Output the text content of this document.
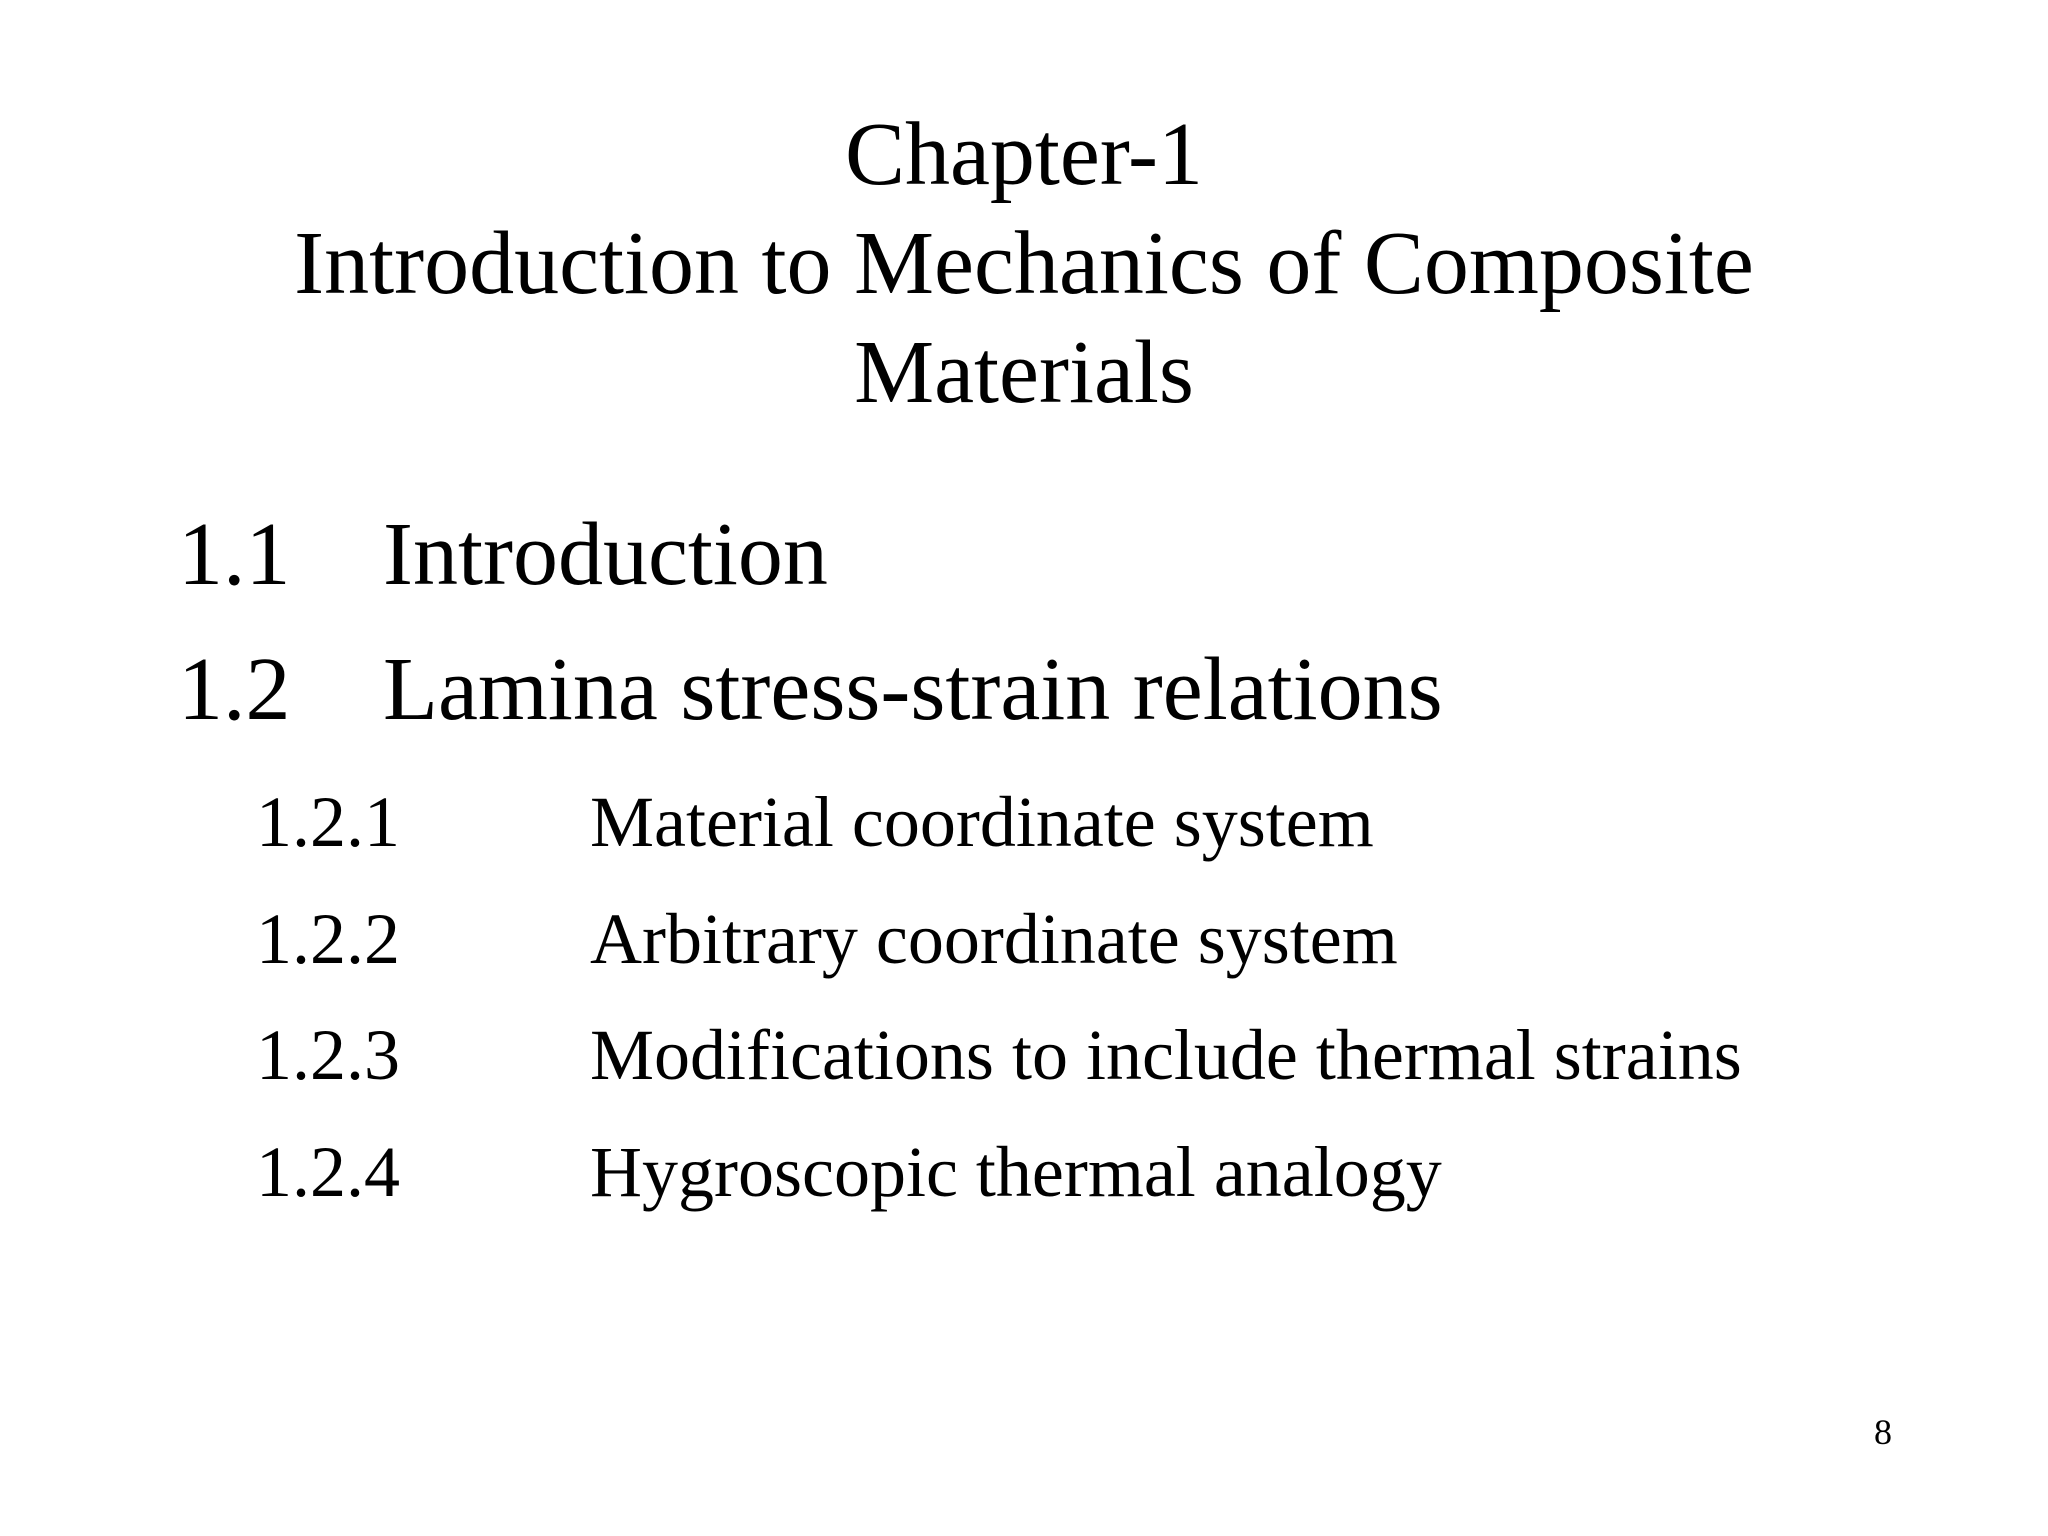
Chapter-1
Introduction to Mechanics of Composite
Materials
1.1 Introduction
1.2 Lamina stress-strain relations
1.2.1	Material coordinate system
1.2.2	Arbitrary coordinate system
1.2.3	Modifications to include thermal strains
1.2.4	Hygroscopic thermal analogy
8
